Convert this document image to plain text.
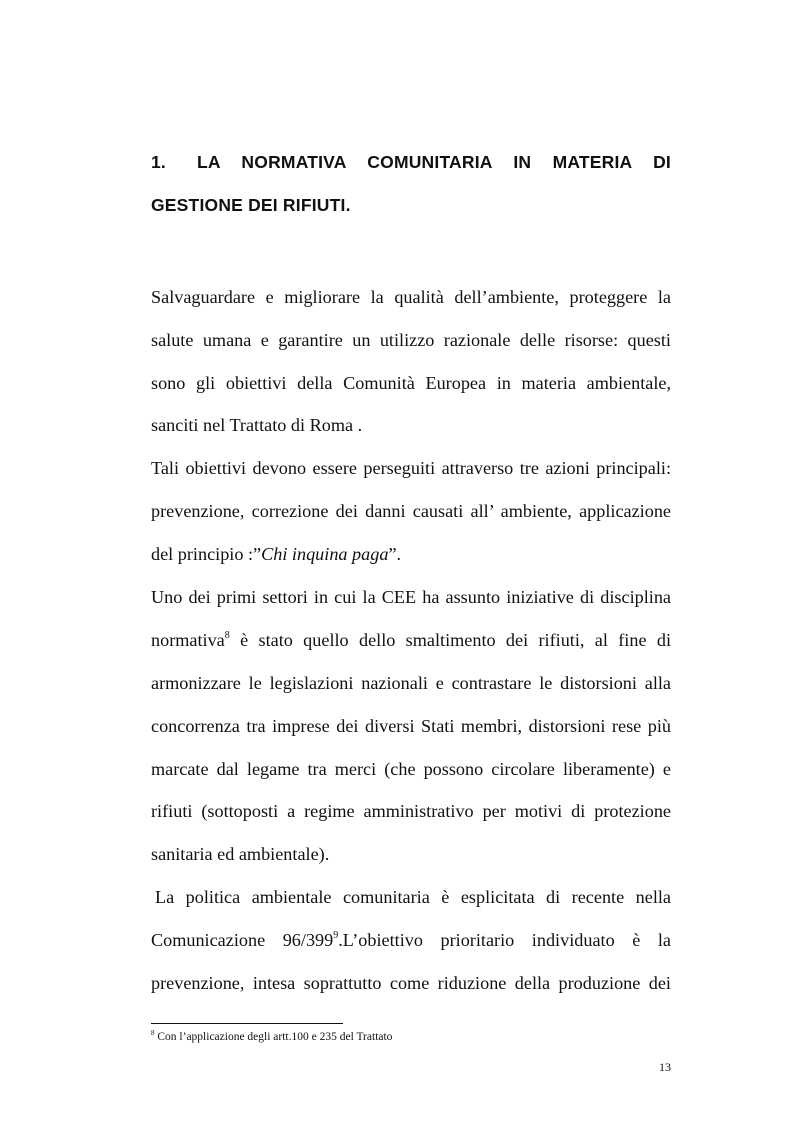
1. LA NORMATIVA COMUNITARIA IN MATERIA DI
GESTIONE DEI RIFIUTI.
Salvaguardare e migliorare la qualità dell’ambiente, proteggere la
salute umana e garantire un utilizzo razionale delle risorse: questi
sono gli obiettivi della Comunità Europea in materia ambientale,
sanciti nel Trattato di Roma .
Tali obiettivi devono essere perseguiti attraverso tre azioni principali:
prevenzione, correzione dei danni causati all’ ambiente, applicazione
del principio :”Chi inquina paga”.
Uno dei primi settori in cui la CEE ha assunto iniziative di disciplina
normativa$^8$ è stato quello dello smaltimento dei rifiuti, al fine di
armonizzare le legislazioni nazionali e contrastare le distorsioni alla
concorrenza tra imprese dei diversi Stati membri, distorsioni rese più
marcate dal legame tra merci (che possono circolare liberamente) e
rifiuti (sottoposti a regime amministrativo per motivi di protezione
sanitaria ed ambientale).
La politica ambientale comunitaria è esplicitata di recente nella
Comunicazione $96/399^9.L’obiettivo$ prioritario individuato è la
prevenzione, intesa soprattutto come riduzione della produzione dei
$^8$ Con l’applicazione degli artt.100 e 235 del Trattato
13
